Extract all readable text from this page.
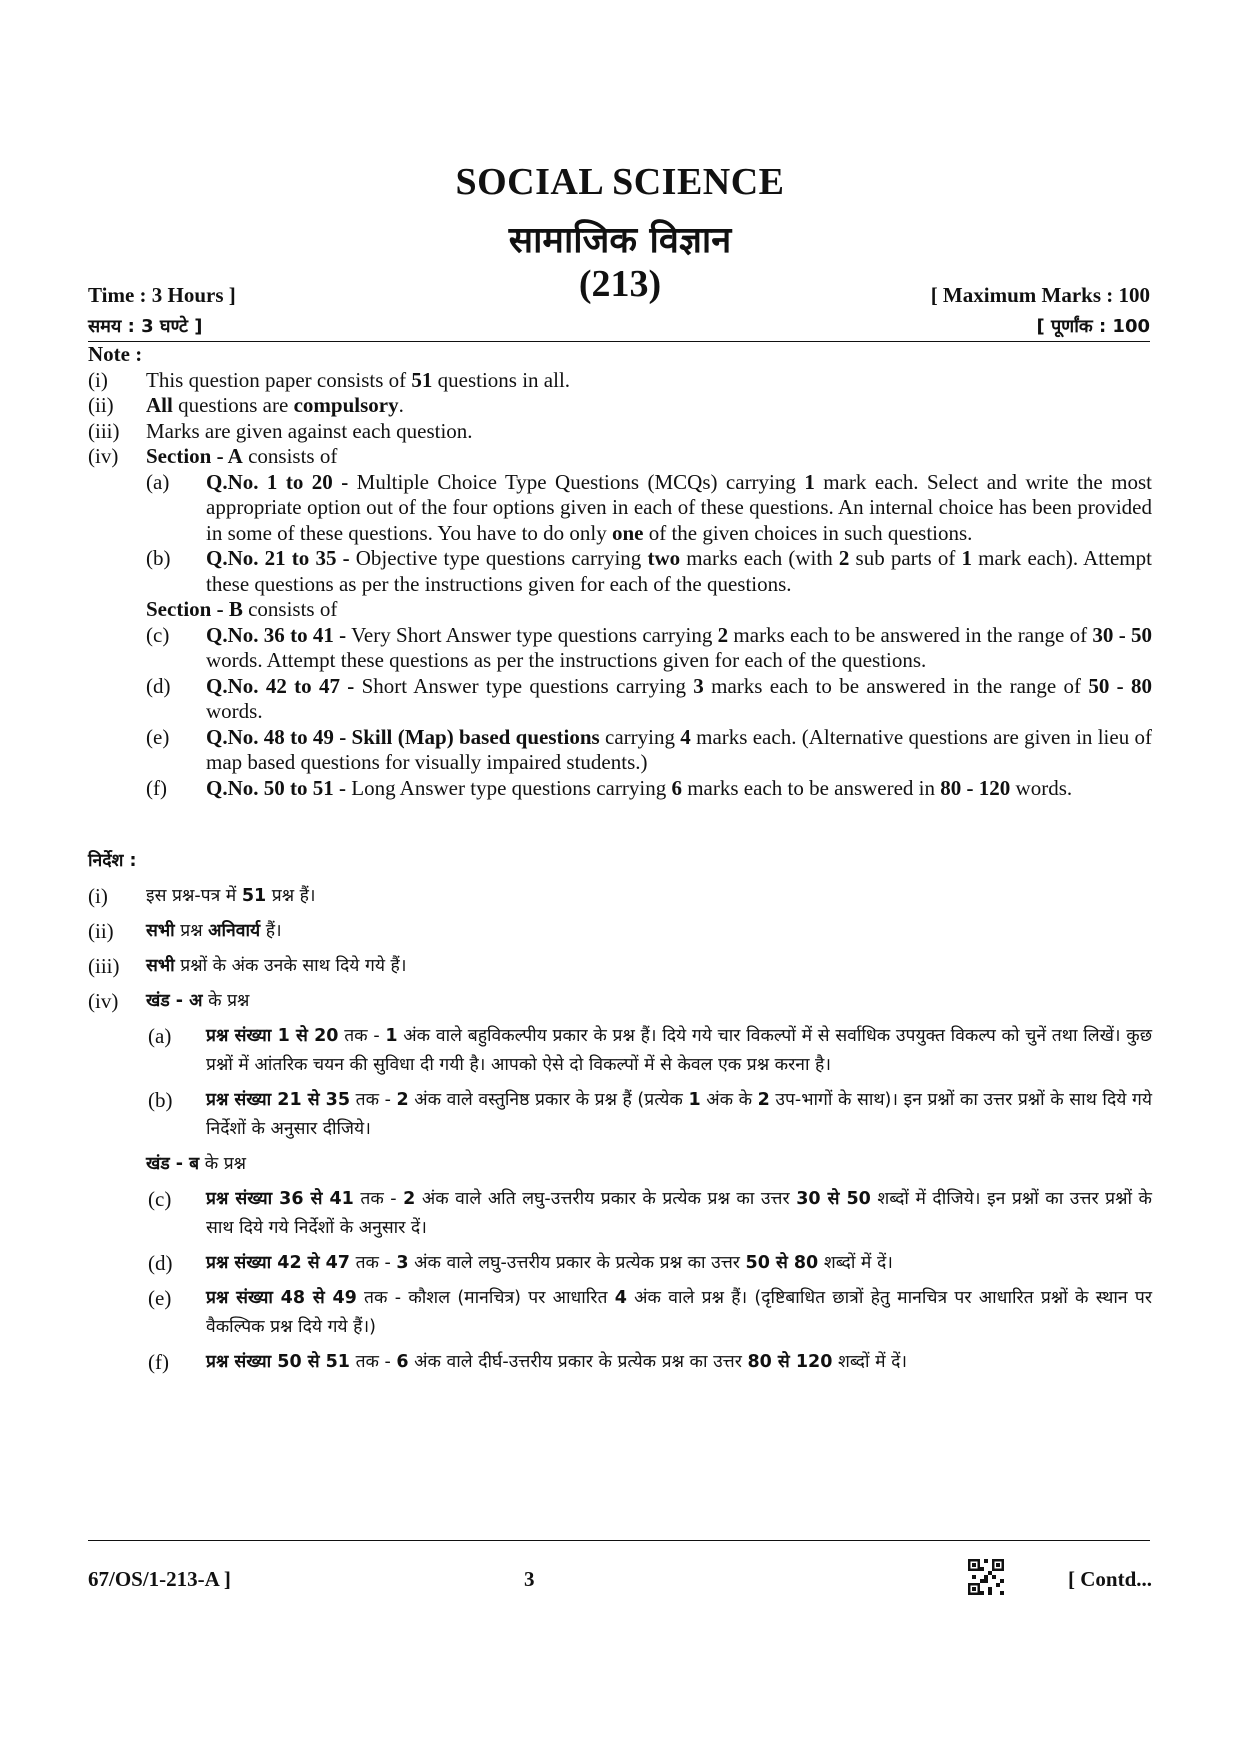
SOCIAL SCIENCE
सामाजिक विज्ञान
(213)
Time : 3 Hours ]	[ Maximum Marks : 100
समय : 3 घण्टे ]	[ पूर्णांक : 100
Note :
(i) This question paper consists of 51 questions in all.
(ii) All questions are compulsory.
(iii) Marks are given against each question.
(iv) Section - A consists of
(a) Q.No. 1 to 20 - Multiple Choice Type Questions (MCQs) carrying 1 mark each. Select and write the most appropriate option out of the four options given in each of these questions. An internal choice has been provided in some of these questions. You have to do only one of the given choices in such questions.
(b) Q.No. 21 to 35 - Objective type questions carrying two marks each (with 2 sub parts of 1 mark each). Attempt these questions as per the instructions given for each of the questions.
Section - B consists of
(c) Q.No. 36 to 41 - Very Short Answer type questions carrying 2 marks each to be answered in the range of 30 - 50 words. Attempt these questions as per the instructions given for each of the questions.
(d) Q.No. 42 to 47 - Short Answer type questions carrying 3 marks each to be answered in the range of 50 - 80 words.
(e) Q.No. 48 to 49 - Skill (Map) based questions carrying 4 marks each. (Alternative questions are given in lieu of map based questions for visually impaired students.)
(f) Q.No. 50 to 51 - Long Answer type questions carrying 6 marks each to be answered in 80 - 120 words.
निर्देश :
(i) इस प्रश्न-पत्र में 51 प्रश्न हैं।
(ii) सभी प्रश्न अनिवार्य हैं।
(iii) सभी प्रश्नों के अंक उनके साथ दिये गये हैं।
(iv) खंड - अ के प्रश्न
(a) प्रश्न संख्या 1 से 20 तक - 1 अंक वाले बहुविकल्पीय प्रकार के प्रश्न हैं। दिये गये चार विकल्पों में से सर्वाधिक उपयुक्त विकल्प को चुनें तथा लिखें। कुछ प्रश्नों में आंतरिक चयन की सुविधा दी गयी है। आपको ऐसे दो विकल्पों में से केवल एक प्रश्न करना है।
(b) प्रश्न संख्या 21 से 35 तक - 2 अंक वाले वस्तुनिष्ठ प्रकार के प्रश्न हैं (प्रत्येक 1 अंक के 2 उप-भागों के साथ)। इन प्रश्नों का उत्तर प्रश्नों के साथ दिये गये निर्देशों के अनुसार दीजिये।
खंड - ब के प्रश्न
(c) प्रश्न संख्या 36 से 41 तक - 2 अंक वाले अति लघु-उत्तरीय प्रकार के प्रत्येक प्रश्न का उत्तर 30 से 50 शब्दों में दीजिये। इन प्रश्नों का उत्तर प्रश्नों के साथ दिये गये निर्देशों के अनुसार दें।
(d) प्रश्न संख्या 42 से 47 तक - 3 अंक वाले लघु-उत्तरीय प्रकार के प्रत्येक प्रश्न का उत्तर 50 से 80 शब्दों में दें।
(e) प्रश्न संख्या 48 से 49 तक - कौशल (मानचित्र) पर आधारित 4 अंक वाले प्रश्न हैं। (दृष्टिबाधित छात्रों हेतु मानचित्र पर आधारित प्रश्नों के स्थान पर वैकल्पिक प्रश्न दिये गये हैं।)
(f) प्रश्न संख्या 50 से 51 तक - 6 अंक वाले दीर्घ-उत्तरीय प्रकार के प्रत्येक प्रश्न का उत्तर 80 से 120 शब्दों में दें।
67/OS/1-213-A ]	3	[ Contd...
